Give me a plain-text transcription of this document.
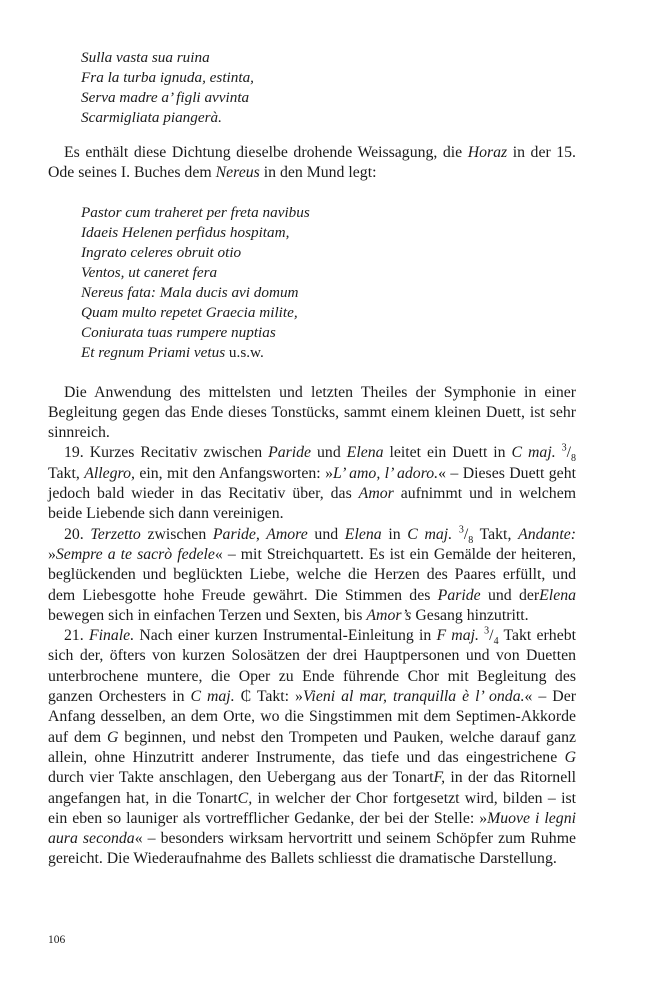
Sulla vasta sua ruina
Fra la turba ignuda, estinta,
Serva madre a’ figli avvinta
Scarmigliata piangerà.

Es enthält diese Dichtung dieselbe drohende Weissagung, die Horaz in der 15. Ode seines I. Buches dem Nereus in den Mund legt:

Pastor cum traheret per freta navibus
Idaeis Helenen perfidus hospitam,
Ingrato celeres obruit otio
Ventos, ut caneret fera
Nereus fata: Mala ducis avi domum
Quam multo repetet Graecia milite,
Coniurata tuas rumpere nuptias
Et regnum Priami vetus u.s.w.

Die Anwendung des mittelsten und letzten Theiles der Symphonie in einer Begleitung gegen das Ende dieses Tonstücks, sammt einem kleinen Duett, ist sehr sinnreich.

19. Kurzes Recitativ zwischen Paride und Elena leitet ein Duett in C maj. $^3/_8$ Takt, Allegro, ein, mit den Anfangsworten: »L’ amo, l’ adoro.« – Dieses Duett geht jedoch bald wieder in das Recitativ über, das Amor aufnimmt und in welchem beide Liebende sich dann vereinigen.

20. Terzetto zwischen Paride, Amore und Elena in C maj. $^3/_8$ Takt, Andante: »Sempre a te sacrò fedele« – mit Streichquartett. Es ist ein Gemälde der heiteren, beglückenden und beglückten Liebe, welche die Herzen des Paares erfüllt, und dem Liebesgotte hohe Freude gewährt. Die Stimmen des Paride und derElena bewegen sich in einfachen Terzen und Sexten, bis Amor’s Gesang hinzutritt.

21. Finale. Nach einer kurzen Instrumental-Einleitung in F maj. $^3/_4$ Takt erhebt sich der, öfters von kurzen Solosätzen der drei Hauptpersonen und von Duetten unterbrochene muntere, die Oper zu Ende führende Chor mit Begleitung des ganzen Orchesters in C maj. ₵ Takt: »Vieni al mar, tranquilla è l’ onda.« – Der Anfang desselben, an dem Orte, wo die Singstimmen mit dem Septimen-Akkorde auf dem G beginnen, und nebst den Trompeten und Pauken, welche darauf ganz allein, ohne Hinzutritt anderer Instrumente, das tiefe und das eingestrichene G durch vier Takte anschlagen, den Uebergang aus der TonartF, in der das Ritornell angefangen hat, in die TonartC, in welcher der Chor fortgesetzt wird, bilden – ist ein eben so launiger als vortrefflicher Gedanke, der bei der Stelle: »Muove i legni aura seconda« – besonders wirksam hervortritt und seinem Schöpfer zum Ruhme gereicht. Die Wiederaufnahme des Ballets schliesst die dramatische Darstellung.

106
